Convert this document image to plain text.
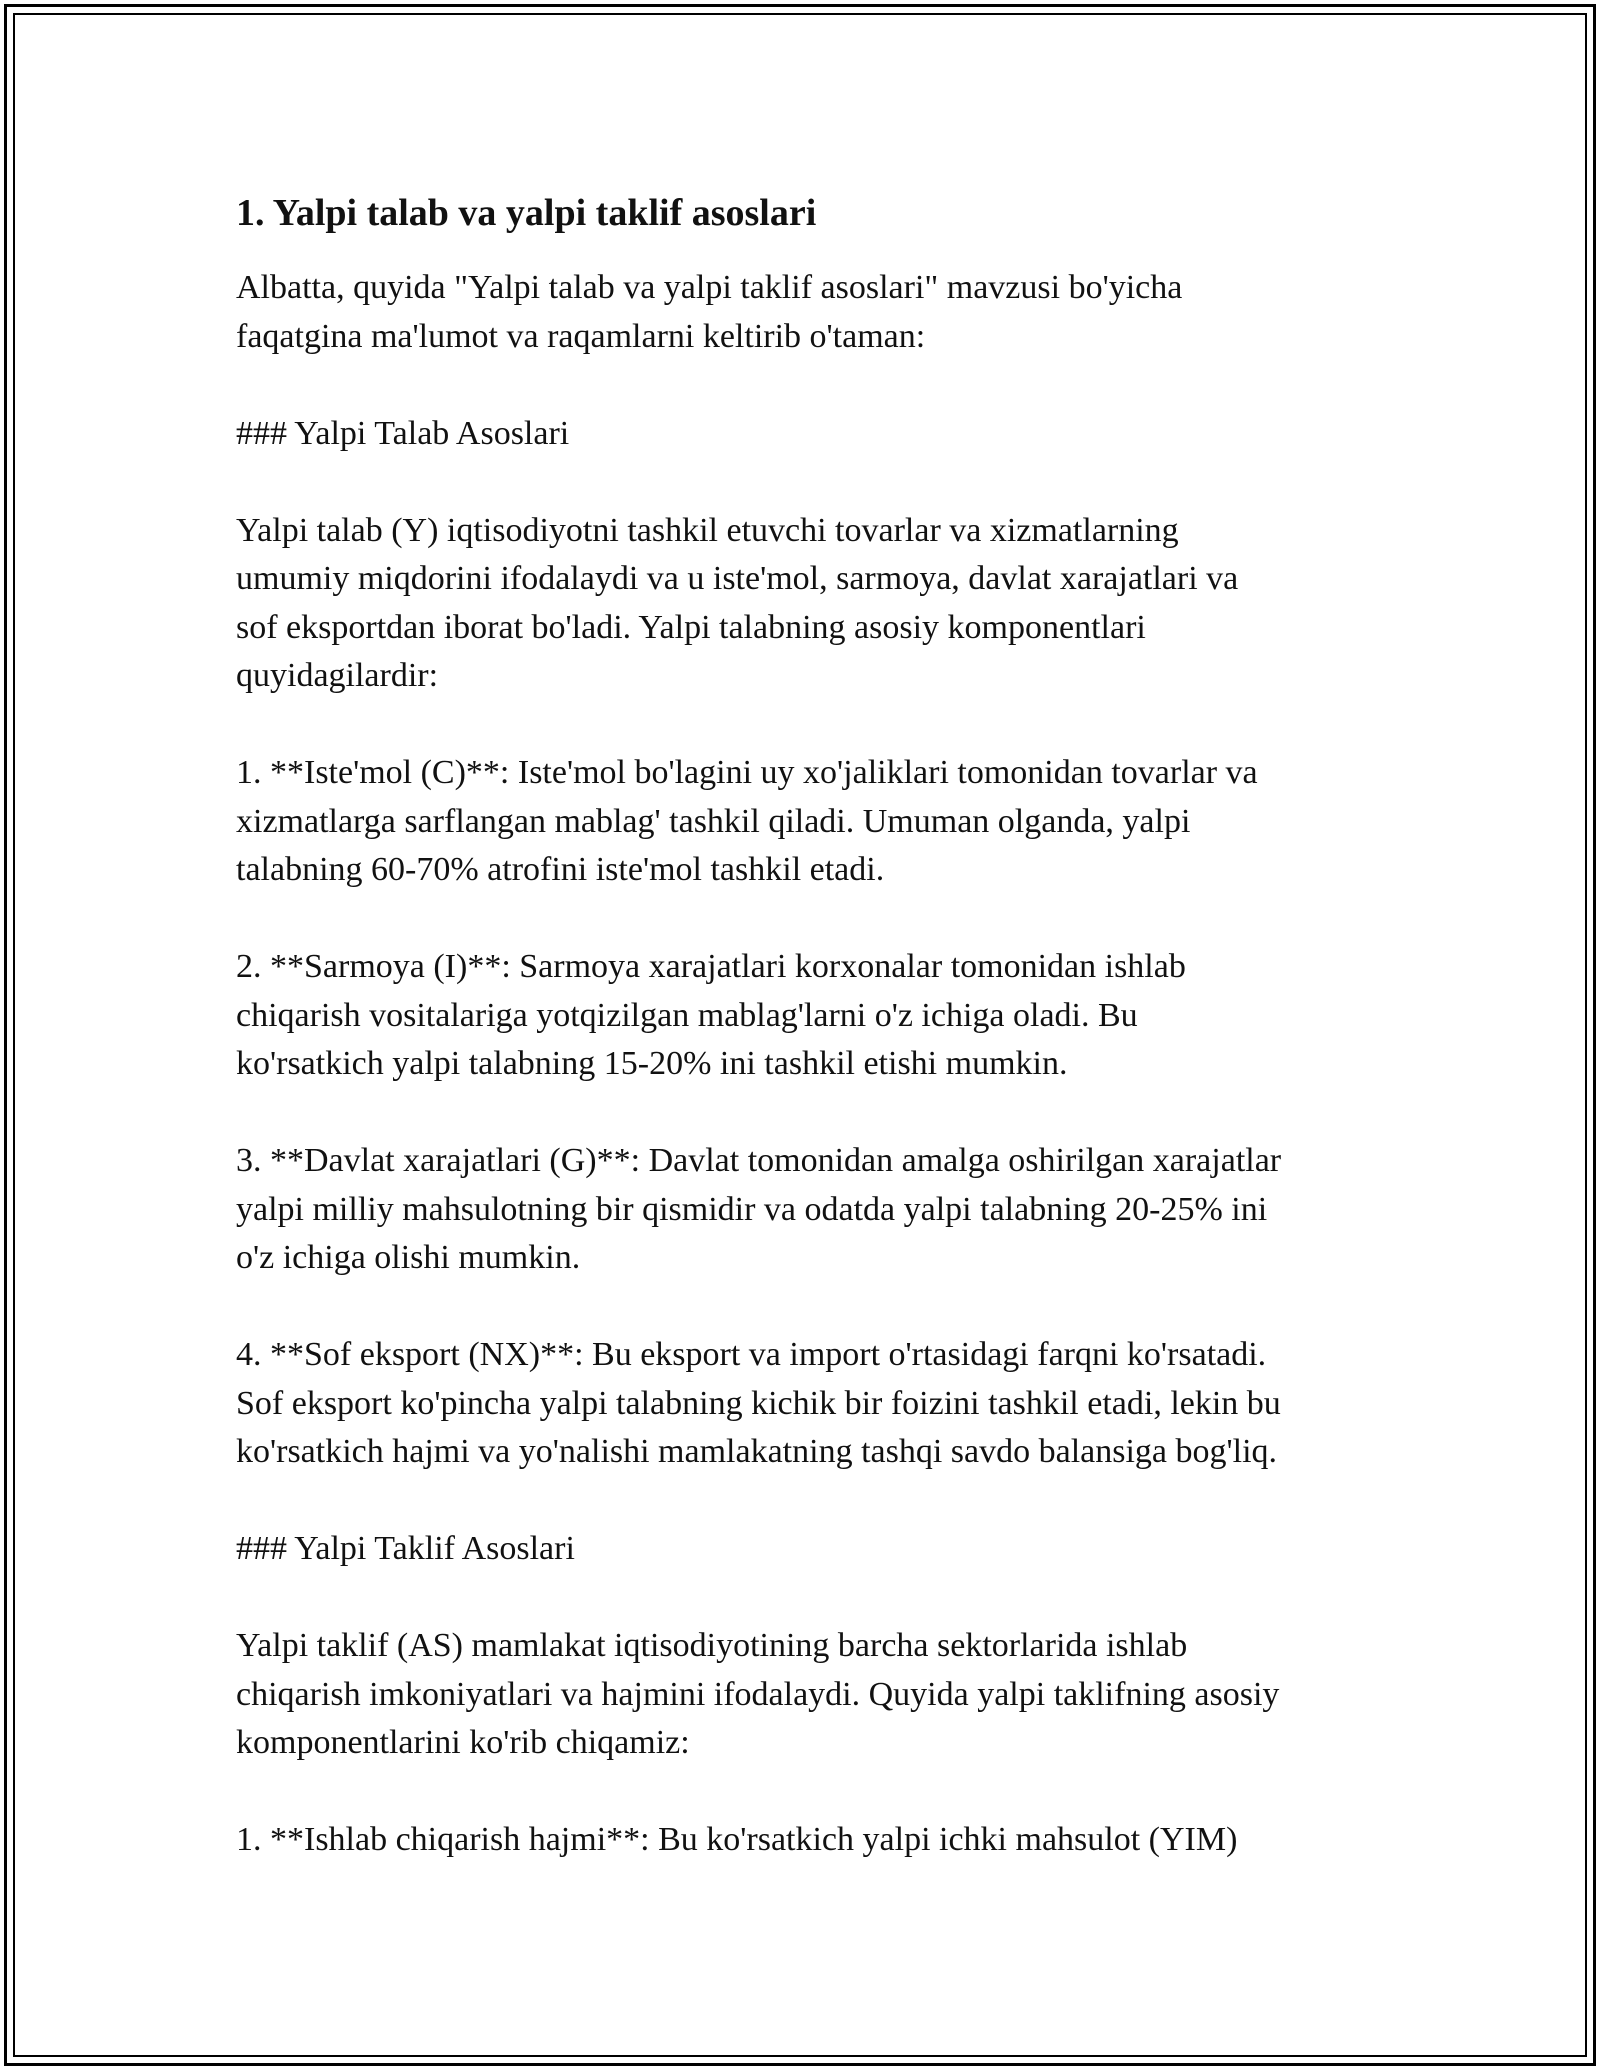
1. Yalpi talab va yalpi taklif asoslari

Albatta, quyida "Yalpi talab va yalpi taklif asoslari" mavzusi bo'yicha
faqatgina ma'lumot va raqamlarni keltirib o'taman:

### Yalpi Talab Asoslari

Yalpi talab (Y) iqtisodiyotni tashkil etuvchi tovarlar va xizmatlarning
umumiy miqdorini ifodalaydi va u iste'mol, sarmoya, davlat xarajatlari va
sof eksportdan iborat bo'ladi. Yalpi talabning asosiy komponentlari
quyidagilardir:

1. **Iste'mol (C)**: Iste'mol bo'lagini uy xo'jaliklari tomonidan tovarlar va
xizmatlarga sarflangan mablag' tashkil qiladi. Umuman olganda, yalpi
talabning 60-70% atrofini iste'mol tashkil etadi.

2. **Sarmoya (I)**: Sarmoya xarajatlari korxonalar tomonidan ishlab
chiqarish vositalariga yotqizilgan mablag'larni o'z ichiga oladi. Bu
ko'rsatkich yalpi talabning 15-20% ini tashkil etishi mumkin.

3. **Davlat xarajatlari (G)**: Davlat tomonidan amalga oshirilgan xarajatlar
yalpi milliy mahsulotning bir qismidir va odatda yalpi talabning 20-25% ini
o'z ichiga olishi mumkin.

4. **Sof eksport (NX)**: Bu eksport va import o'rtasidagi farqni ko'rsatadi.
Sof eksport ko'pincha yalpi talabning kichik bir foizini tashkil etadi, lekin bu
ko'rsatkich hajmi va yo'nalishi mamlakatning tashqi savdo balansiga bog'liq.

### Yalpi Taklif Asoslari

Yalpi taklif (AS) mamlakat iqtisodiyotining barcha sektorlarida ishlab
chiqarish imkoniyatlari va hajmini ifodalaydi. Quyida yalpi taklifning asosiy
komponentlarini ko'rib chiqamiz:

1. **Ishlab chiqarish hajmi**: Bu ko'rsatkich yalpi ichki mahsulot (YIM)
